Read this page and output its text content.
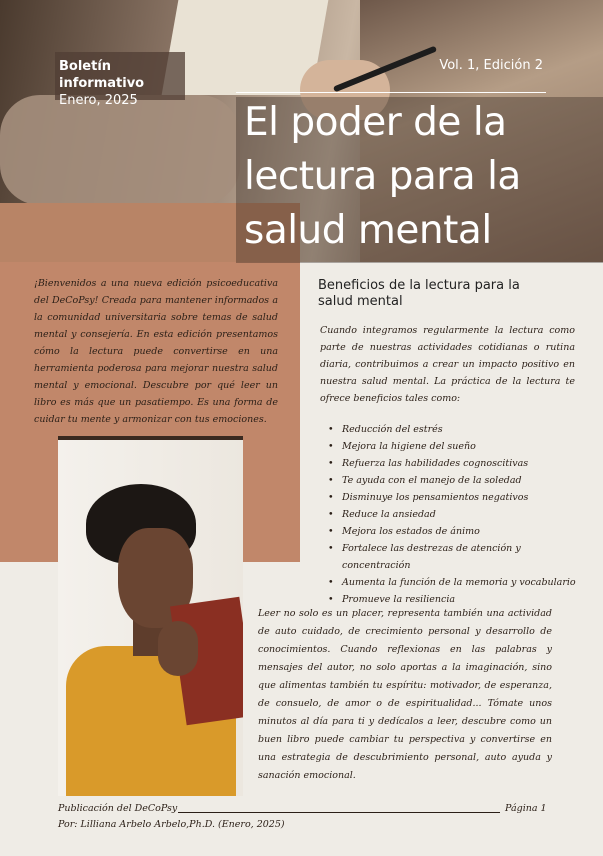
Boletín informativo
Enero, 2025
Vol. 1, Edición 2
El poder de la lectura para la salud mental

¡Bienvenidos a una nueva edición psicoeducativa del DeCoPsy! Creada para mantener informados a la comunidad universitaria sobre temas de salud mental y consejería. En esta edición presentamos cómo la lectura puede convertirse en una herramienta poderosa para mejorar nuestra salud mental y emocional. Descubre por qué leer un libro es más que un pasatiempo. Es una forma de cuidar tu mente y armonizar con tus emociones.

Beneficios de la lectura para la salud mental

Cuando integramos regularmente la lectura como parte de nuestras actividades cotidianas o rutina diaria, contribuimos a crear un impacto positivo en nuestra salud mental. La práctica de la lectura te ofrece beneficios tales como:

• Reducción del estrés
• Mejora la higiene del sueño
• Refuerza las habilidades cognoscitivas
• Te ayuda con el manejo de la soledad
• Disminuye los pensamientos negativos
• Reduce la ansiedad
• Mejora los estados de ánimo
• Fortalece las destrezas de atención y concentración
• Aumenta la función de la memoria y vocabulario
• Promueve la resiliencia

Leer no solo es un placer, representa también una actividad de auto cuidado, de crecimiento personal y desarrollo de conocimientos. Cuando reflexionas en las palabras y mensajes del autor, no solo aportas a la imaginación, sino que alimentas también tu espíritu: motivador, de esperanza, de consuelo, de amor o de espiritualidad... Tómate unos minutos al día para ti y dedícalos a leer, descubre como un buen libro puede cambiar tu perspectiva y convertirse en una estrategia de descubrimiento personal, auto ayuda y sanación emocional.

Publicación del DeCoPsy	Página 1
Por: Lilliana Arbelo Arbelo,Ph.D. (Enero, 2025)
